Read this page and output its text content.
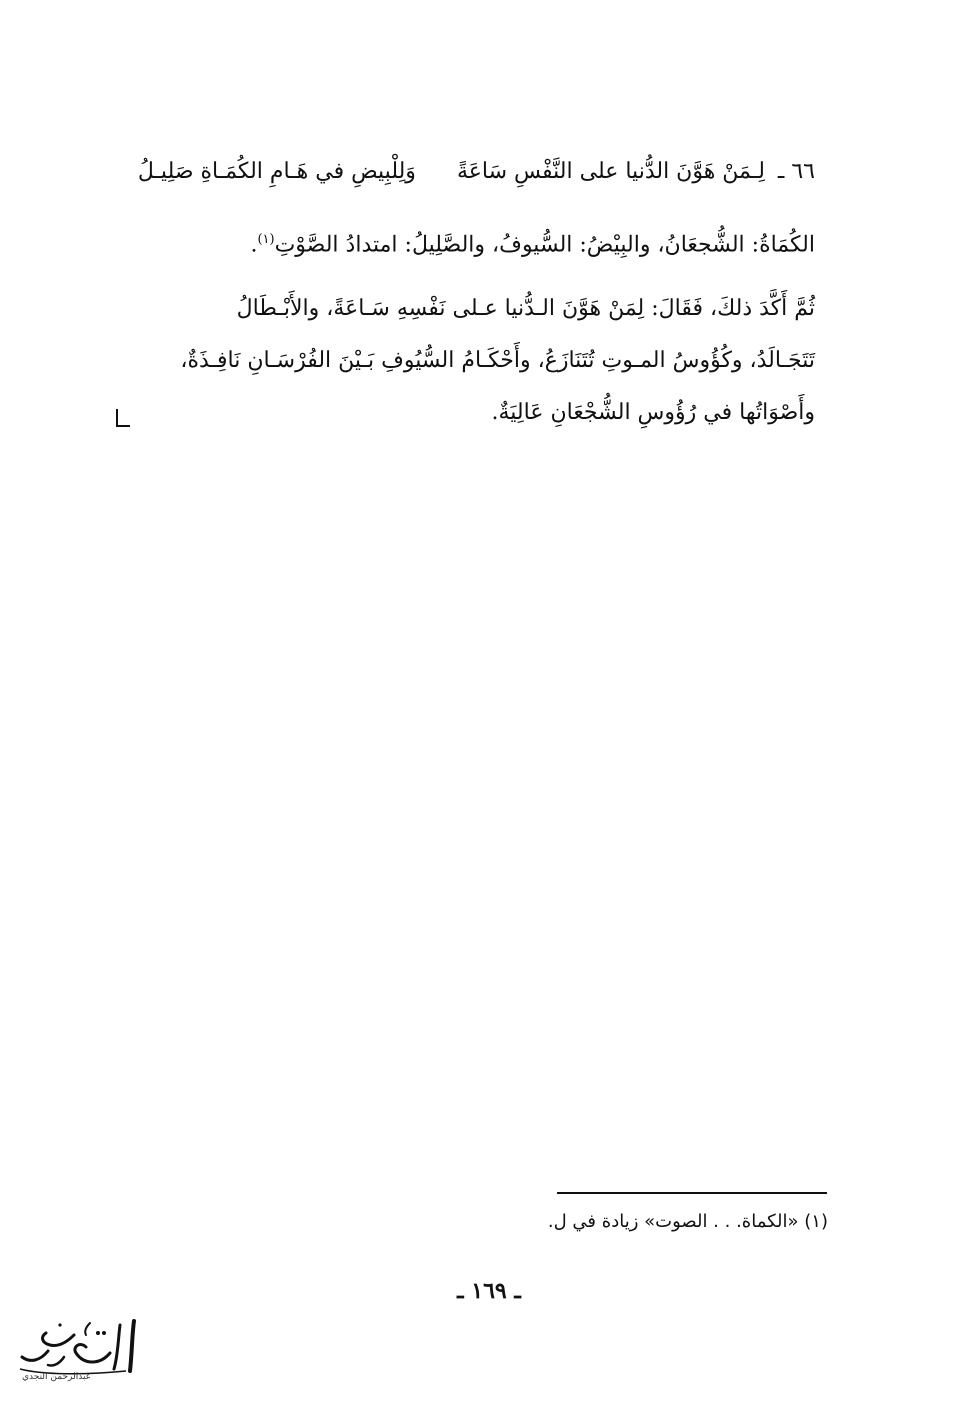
٦٦ ـ لِـمَنْ هَوَّنَ الدُّنيا على النَّفْسِ سَاعَةً وَلِلْبِيضِ في هَـامِ الكُمَـاةِ صَلِيـلُ
الكُمَاةُ: الشُّجعَانُ، والبِيْضُ: السُّيوفُ، والصَّلِيلُ: امتدادُ الصَّوْتِ$^{(١)}$.
ثُمَّ أَكَّدَ ذلكَ، فَقَالَ: لِمَنْ هَوَّنَ الـدُّنيا عـلى نَفْسِهِ سَـاعَةً، والأَبْـطَالُ
تَتَجَـالَدُ، وكُؤُوسُ المـوتِ تُتَنَازَعُ، وأَحْكَـامُ السُّيُوفِ بَـيْنَ الفُرْسَـانِ نَافِـذَةٌ،
وأَصْوَاتُها في رُؤُوسِ الشُّجْعَانِ عَالِيَةٌ.
(١) «الكماة. . . الصوت» زيادة في ل.
ـ ١٦٩ ـ
عبدالرحمن النجدي
